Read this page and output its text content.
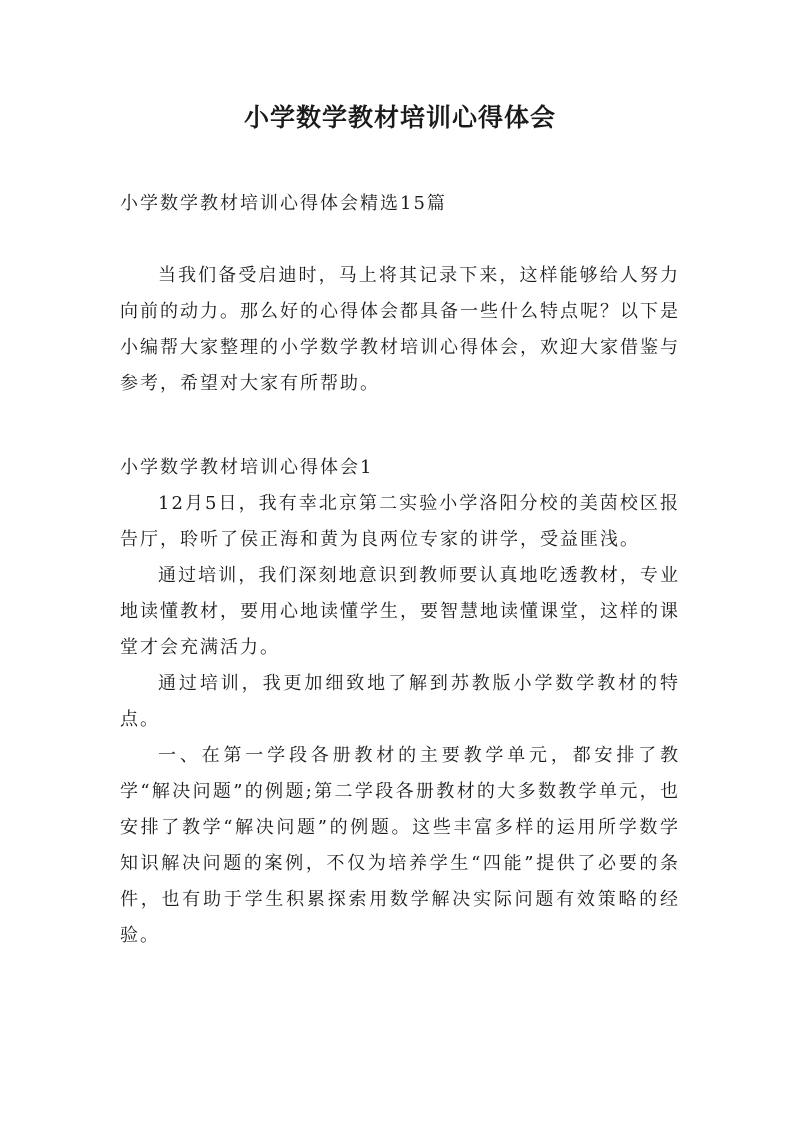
小学数学教材培训心得体会

小学数学教材培训心得体会精选15篇

当我们备受启迪时，马上将其记录下来，这样能够给人努力向前的动力。那么好的心得体会都具备一些什么特点呢？以下是小编帮大家整理的小学数学教材培训心得体会，欢迎大家借鉴与参考，希望对大家有所帮助。

小学数学教材培训心得体会1

12月5日，我有幸北京第二实验小学洛阳分校的美茵校区报告厅，聆听了侯正海和黄为良两位专家的讲学，受益匪浅。

通过培训，我们深刻地意识到教师要认真地吃透教材，专业地读懂教材，要用心地读懂学生，要智慧地读懂课堂，这样的课堂才会充满活力。

通过培训，我更加细致地了解到苏教版小学数学教材的特点。

一、在第一学段各册教材的主要教学单元，都安排了教学“解决问题”的例题;第二学段各册教材的大多数教学单元，也安排了教学“解决问题”的例题。这些丰富多样的运用所学数学知识解决问题的案例，不仅为培养学生“四能”提供了必要的条件，也有助于学生积累探索用数学解决实际问题有效策略的经验。
